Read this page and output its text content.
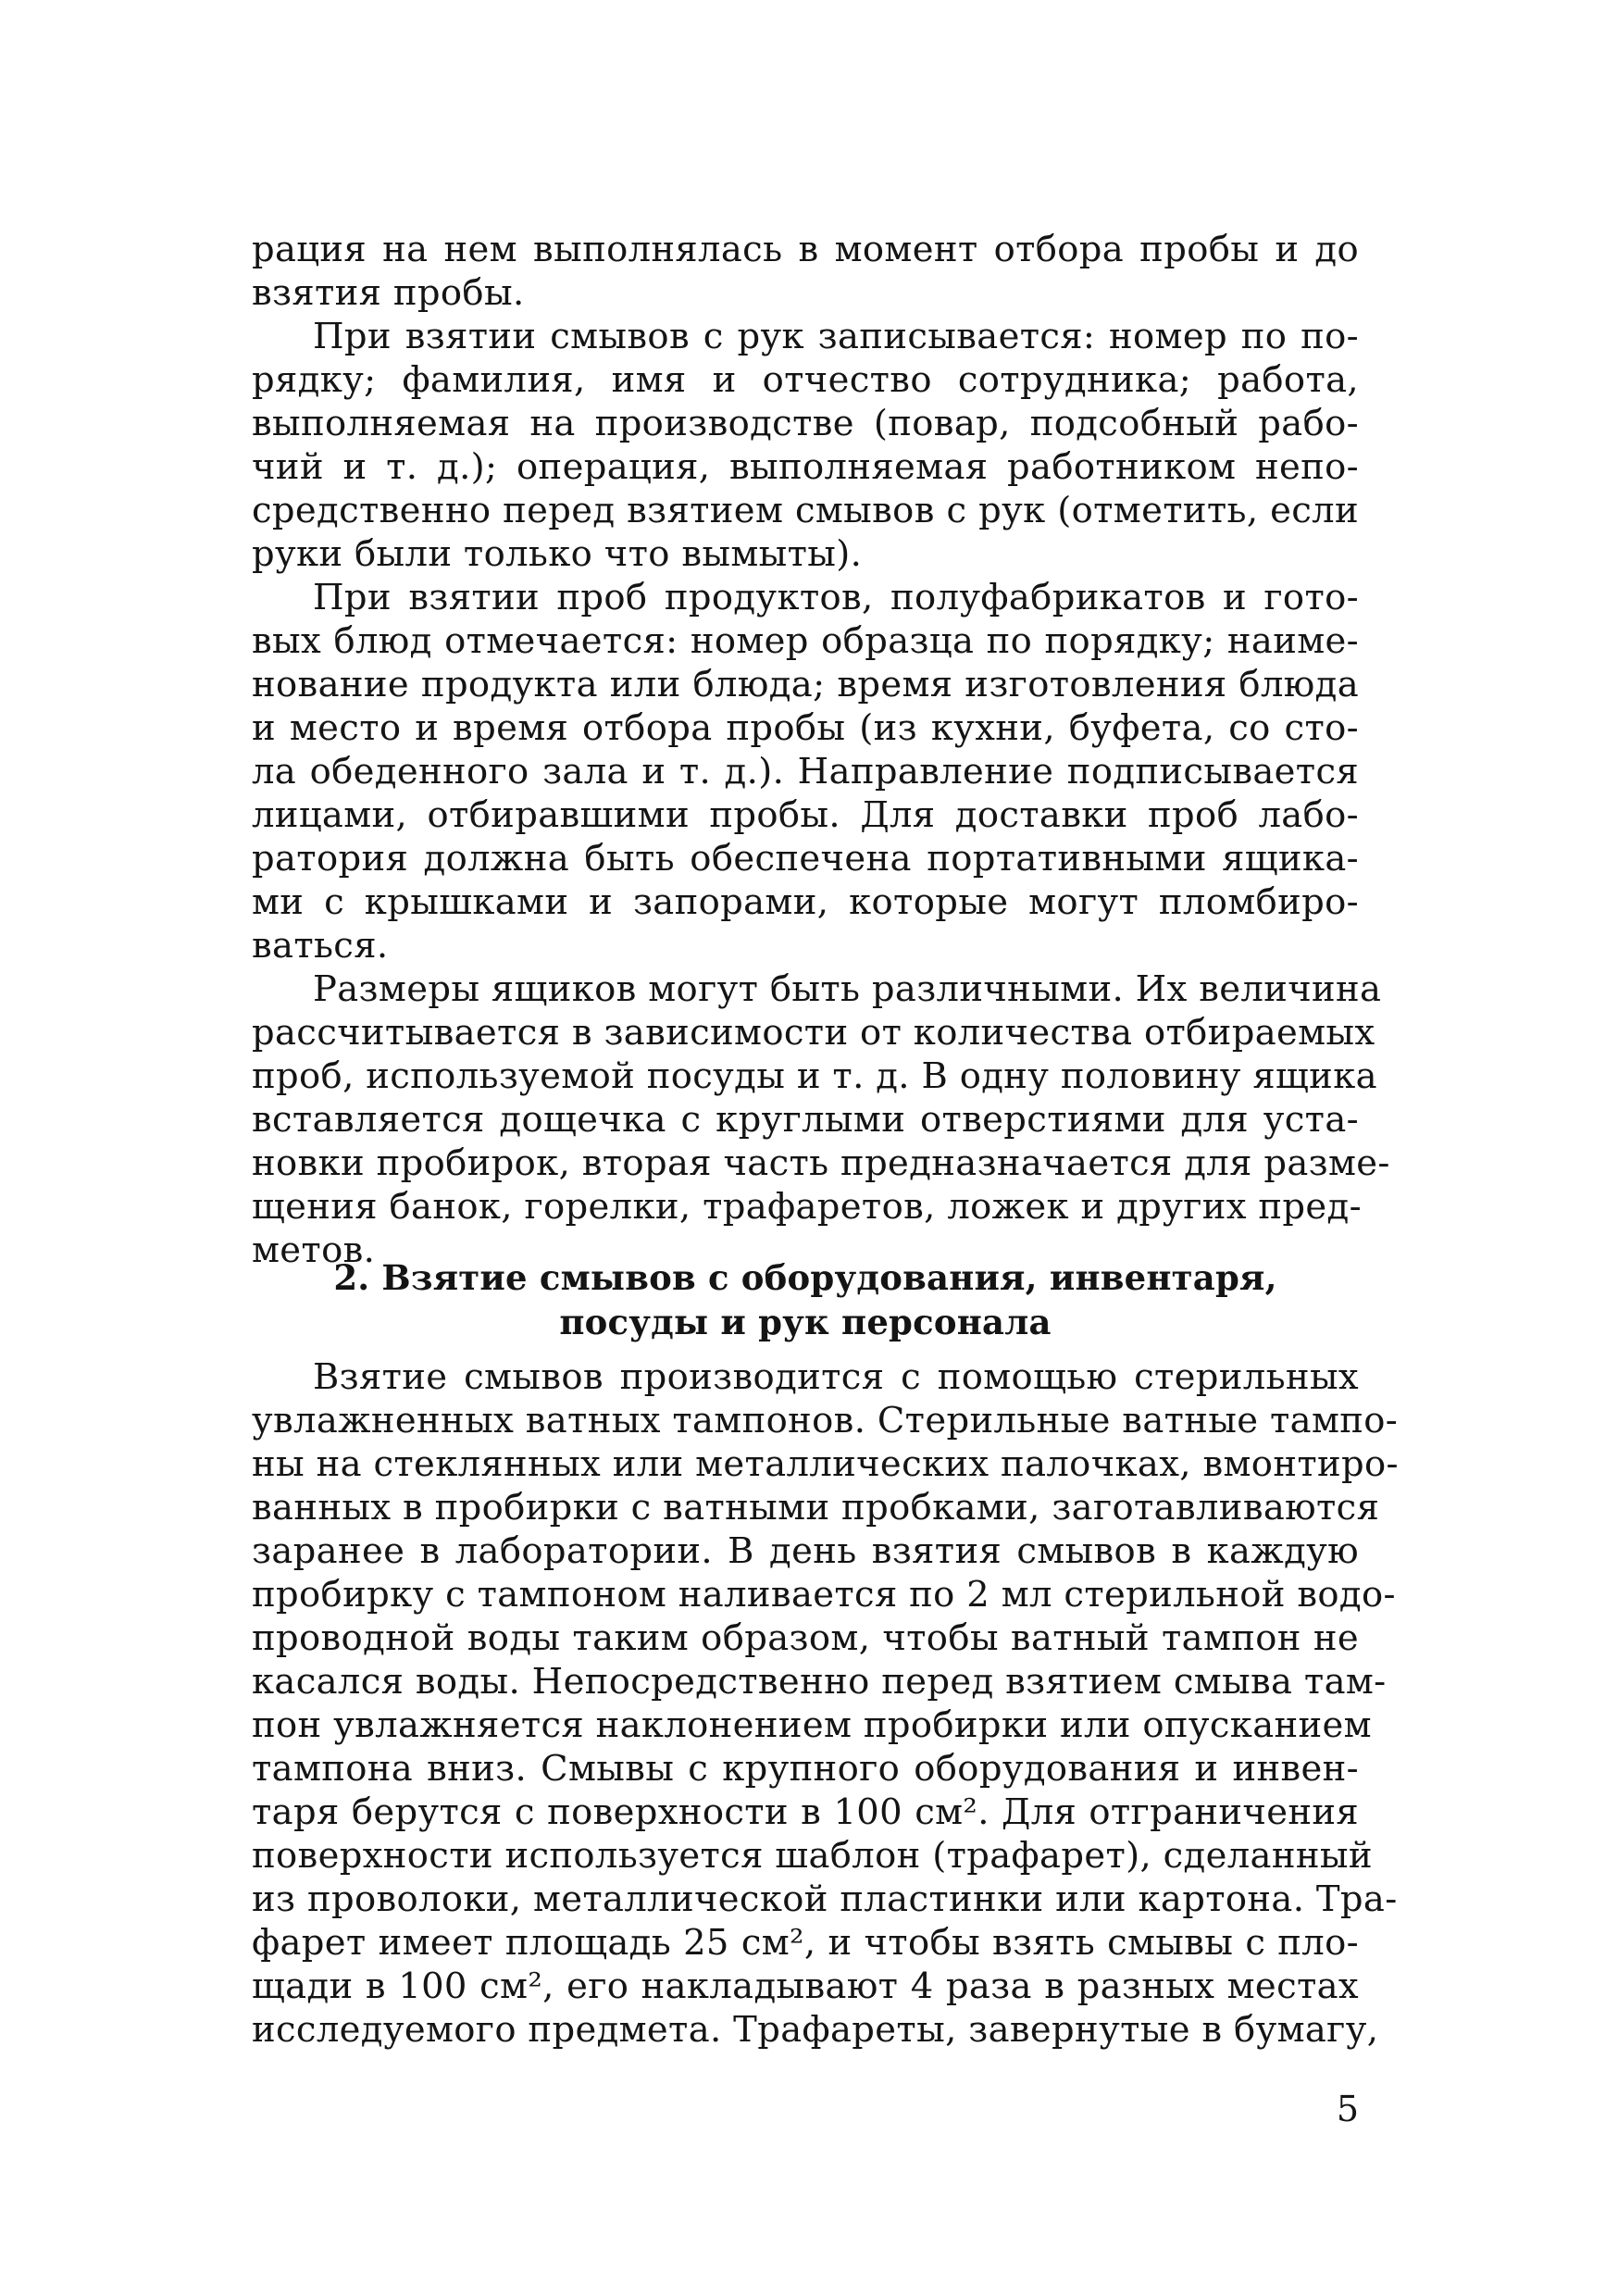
рация на нем выполнялась в момент отбора пробы и до
взятия пробы.
При взятии смывов с рук записывается: номер по по-
рядку; фамилия, имя и отчество сотрудника; работа,
выполняемая на производстве (повар, подсобный рабо-
чий и т. д.); операция, выполняемая работником непо-
средственно перед взятием смывов с рук (отметить, если
руки были только что вымыты).
При взятии проб продуктов, полуфабрикатов и гото-
вых блюд отмечается: номер образца по порядку; наиме-
нование продукта или блюда; время изготовления блюда
и место и время отбора пробы (из кухни, буфета, со сто-
ла обеденного зала и т. д.). Направление подписывается
лицами, отбиравшими пробы. Для доставки проб лабо-
ратория должна быть обеспечена портативными ящика-
ми с крышками и запорами, которые могут пломбиро-
ваться.
Размеры ящиков могут быть различными. Их величина
рассчитывается в зависимости от количества отбираемых
проб, используемой посуды и т. д. В одну половину ящика
вставляется дощечка с круглыми отверстиями для уста-
новки пробирок, вторая часть предназначается для разме-
щения банок, горелки, трафаретов, ложек и других пред-
метов.
2. Взятие смывов с оборудования, инвентаря,
посуды и рук персонала
Взятие смывов производится с помощью стерильных
увлажненных ватных тампонов. Стерильные ватные тампо-
ны на стеклянных или металлических палочках, вмонтиро-
ванных в пробирки с ватными пробками, заготавливаются
заранее в лаборатории. В день взятия смывов в каждую
пробирку с тампоном наливается по 2 мл стерильной водо-
проводной воды таким образом, чтобы ватный тампон не
касался воды. Непосредственно перед взятием смыва там-
пон увлажняется наклонением пробирки или опусканием
тампона вниз. Смывы с крупного оборудования и инвен-
таря берутся с поверхности в 100 см². Для отграничения
поверхности используется шаблон (трафарет), сделанный
из проволоки, металлической пластинки или картона. Тра-
фарет имеет площадь 25 см², и чтобы взять смывы с пло-
щади в 100 см², его накладывают 4 раза в разных местах
исследуемого предмета. Трафареты, завернутые в бумагу,
5
